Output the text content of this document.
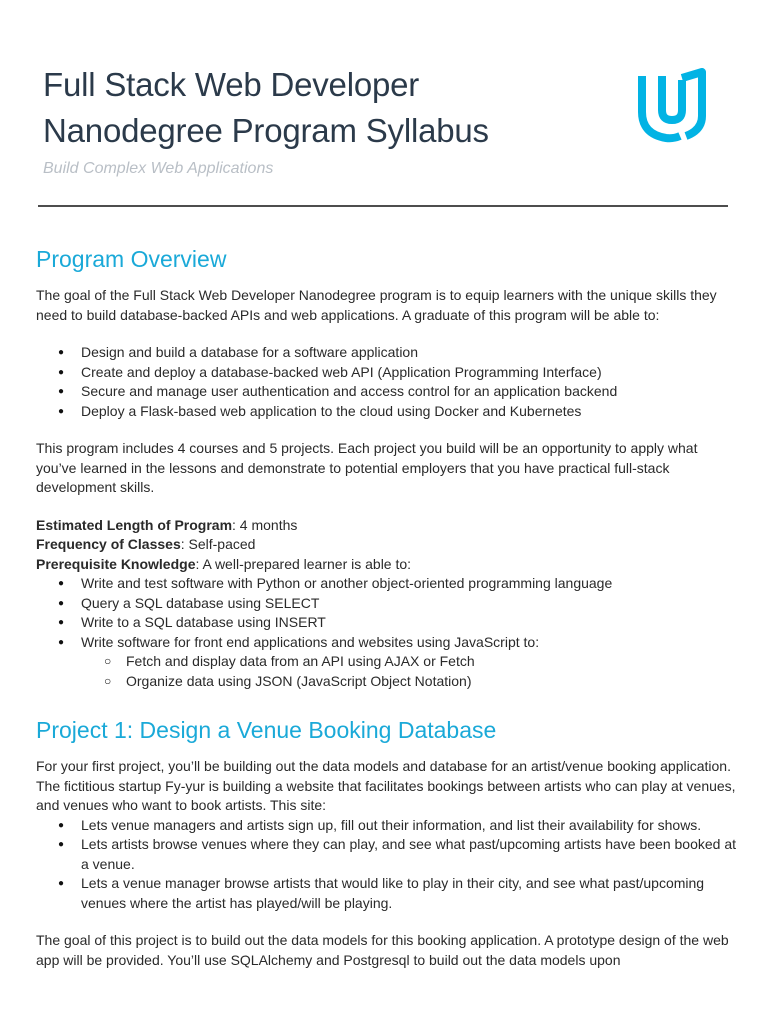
Full Stack Web Developer
Nanodegree Program Syllabus

Build Complex Web Applications

Program Overview

The goal of the Full Stack Web Developer Nanodegree program is to equip learners with the unique skills they need to build database-backed APIs and web applications. A graduate of this program will be able to:

● Design and build a database for a software application
● Create and deploy a database-backed web API (Application Programming Interface)
● Secure and manage user authentication and access control for an application backend
● Deploy a Flask-based web application to the cloud using Docker and Kubernetes

This program includes 4 courses and 5 projects. Each project you build will be an opportunity to apply what you’ve learned in the lessons and demonstrate to potential employers that you have practical full-stack development skills.

Estimated Length of Program: 4 months

Frequency of Classes: Self-paced

Prerequisite Knowledge: A well-prepared learner is able to:

● Write and test software with Python or another object-oriented programming language
● Query a SQL database using SELECT
● Write to a SQL database using INSERT
● Write software for front end applications and websites using JavaScript to:
○ Fetch and display data from an API using AJAX or Fetch
○ Organize data using JSON (JavaScript Object Notation)
Project 1: Design a Venue Booking Database

For your first project, you’ll be building out the data models and database for an artist/venue booking application. The fictitious startup Fy-yur is building a website that facilitates bookings between artists who can play at venues, and venues who want to book artists. This site:

● Lets venue managers and artists sign up, fill out their information, and list their availability for shows.
● Lets artists browse venues where they can play, and see what past/upcoming artists have been booked at a venue.
● Lets a venue manager browse artists that would like to play in their city, and see what past/upcoming venues where the artist has played/will be playing.

The goal of this project is to build out the data models for this booking application. A prototype design of the web app will be provided. You’ll use SQLAlchemy and Postgresql to build out the data models upon
